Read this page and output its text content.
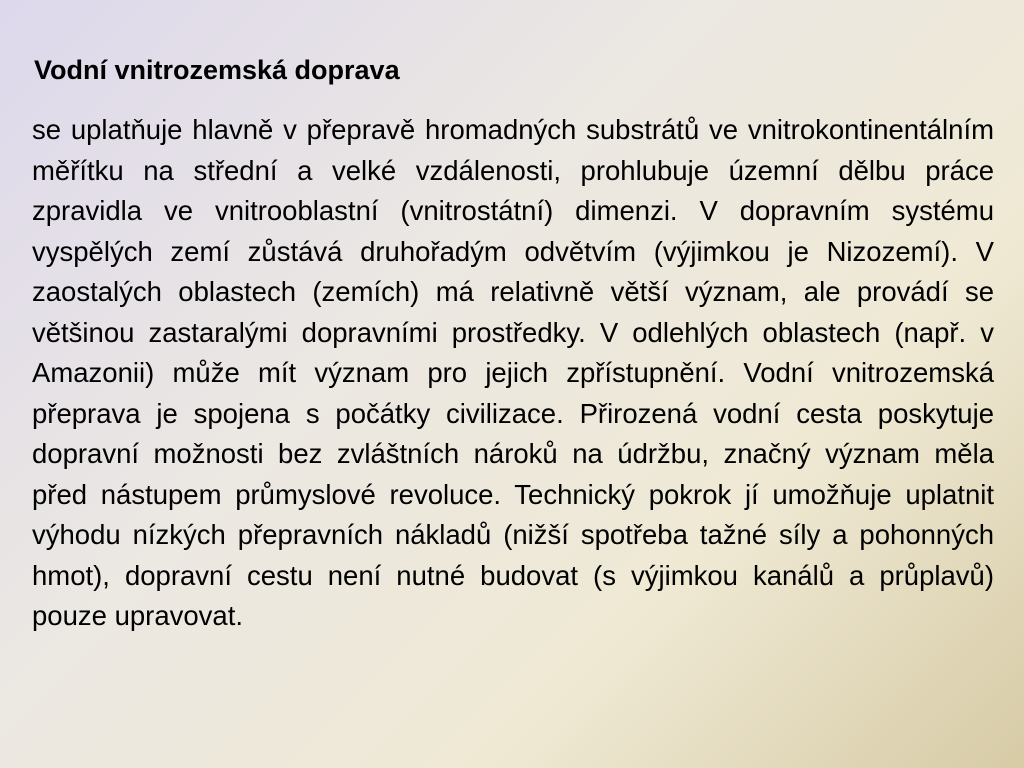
Vodní vnitrozemská doprava
se uplatňuje hlavně v přepravě hromadných substrátů ve vnitrokontinentálním měřítku na střední a velké vzdálenosti, prohlubuje územní dělbu práce zpravidla ve vnitrooblastní (vnitrostátní) dimenzi. V dopravním systému vyspělých zemí zůstává druhořadým odvětvím (výjimkou je Nizozemí). V zaostalých oblastech (zemích) má relativně větší význam, ale provádí se většinou zastaralými dopravními prostředky. V odlehlých oblastech (např. v Amazonii) může mít význam pro jejich zpřístupnění. Vodní vnitrozemská přeprava je spojena s počátky civilizace. Přirozená vodní cesta poskytuje dopravní možnosti bez zvláštních nároků na údržbu, značný význam měla před nástupem průmyslové revoluce. Technický pokrok jí umožňuje uplatnit výhodu nízkých přepravních nákladů (nižší spotřeba tažné síly a pohonných hmot), dopravní cestu není nutné budovat (s výjimkou kanálů a průplavů) pouze upravovat.
